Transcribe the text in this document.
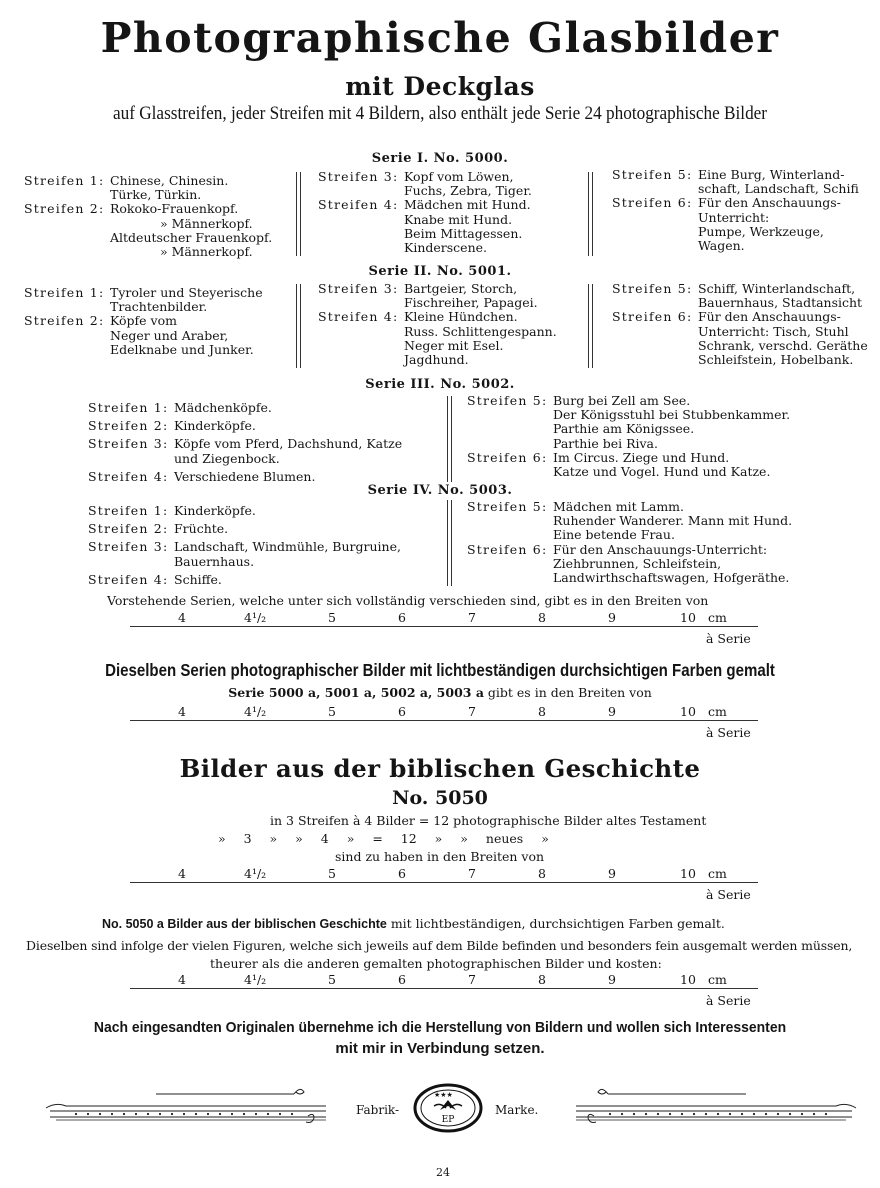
Photographische Glasbilder
mit Deckglas
auf Glasstreifen, jeder Streifen mit 4 Bildern, also enthält jede Serie 24 photographische Bilder
Serie I. No. 5000.
Streifen 1: Chinese, Chinesin.
Türke, Türkin.
Streifen 2: Rokoko-Frauenkopf.
» Männerkopf.
Altdeutscher Frauenkopf.
» Männerkopf.
Streifen 3: Kopf vom Löwen,
Fuchs, Zebra, Tiger.
Streifen 4: Mädchen mit Hund.
Knabe mit Hund.
Beim Mittagessen.
Kinderscene.
Streifen 5: Eine Burg, Winterland-
schaft, Landschaft, Schifi
Streifen 6: Für den Anschauungs-
Unterricht:
Pumpe, Werkzeuge,
Wagen.
Serie II. No. 5001.
Streifen 1: Tyroler und Steyerische
Trachtenbilder.
Streifen 2: Köpfe vom
Neger und Araber,
Edelknabe und Junker.
Streifen 3: Bartgeier, Storch,
Fischreiher, Papagei.
Streifen 4: Kleine Hündchen.
Russ. Schlittengespann.
Neger mit Esel.
Jagdhund.
Streifen 5: Schiff, Winterlandschaft,
Bauernhaus, Stadtansicht
Streifen 6: Für den Anschauungs-
Unterricht: Tisch, Stuhl
Schrank, verschd. Geräthe
Schleifstein, Hobelbank.
Serie III. No. 5002.
Streifen 1: Mädchenköpfe.
Streifen 2: Kinderköpfe.
Streifen 3: Köpfe vom Pferd, Dachshund, Katze
und Ziegenbock.
Streifen 4: Verschiedene Blumen.
Streifen 5: Burg bei Zell am See.
Der Königsstuhl bei Stubbenkammer.
Parthie am Königssee.
Parthie bei Riva.
Streifen 6: Im Circus. Ziege und Hund.
Katze und Vogel. Hund und Katze.
Serie IV. No. 5003.
Streifen 1: Kinderköpfe.
Streifen 2: Früchte.
Streifen 3: Landschaft, Windmühle, Burgruine,
Bauernhaus.
Streifen 4: Schiffe.
Streifen 5: Mädchen mit Lamm.
Ruhender Wanderer. Mann mit Hund.
Eine betende Frau.
Streifen 6: Für den Anschauungs-Unterricht:
Ziehbrunnen, Schleifstein,
Landwirthschaftswagen, Hofgeräthe.
Vorstehende Serien, welche unter sich vollständig verschieden sind, gibt es in den Breiten von
4	4¹/₂	5	6	7	8	9	10 cm
à Serie
Dieselben Serien photographischer Bilder mit lichtbeständigen durchsichtigen Farben gemalt
Serie 5000 a, 5001 a, 5002 a, 5003 a gibt es in den Breiten von
4	4¹/₂	5	6	7	8	9	10 cm
à Serie
Bilder aus der biblischen Geschichte
No. 5050
in 3 Streifen à 4 Bilder = 12 photographische Bilder altes Testament
» 3 » » 4 » = 12 » » neues »
sind zu haben in den Breiten von
4	4¹/₂	5	6	7	8	9	10 cm
à Serie
No. 5050 a Bilder aus der biblischen Geschichte mit lichtbeständigen, durchsichtigen Farben gemalt.
Dieselben sind infolge der vielen Figuren, welche sich jeweils auf dem Bilde befinden und besonders fein ausgemalt werden müssen,
theurer als die anderen gemalten photographischen Bilder und kosten:
4	4¹/₂	5	6	7	8	9	10 cm
à Serie
Nach eingesandten Originalen übernehme ich die Herstellung von Bildern und wollen sich Interessenten
mit mir in Verbindung setzen.
Fabrik-
★★★
EP
Marke.
24
